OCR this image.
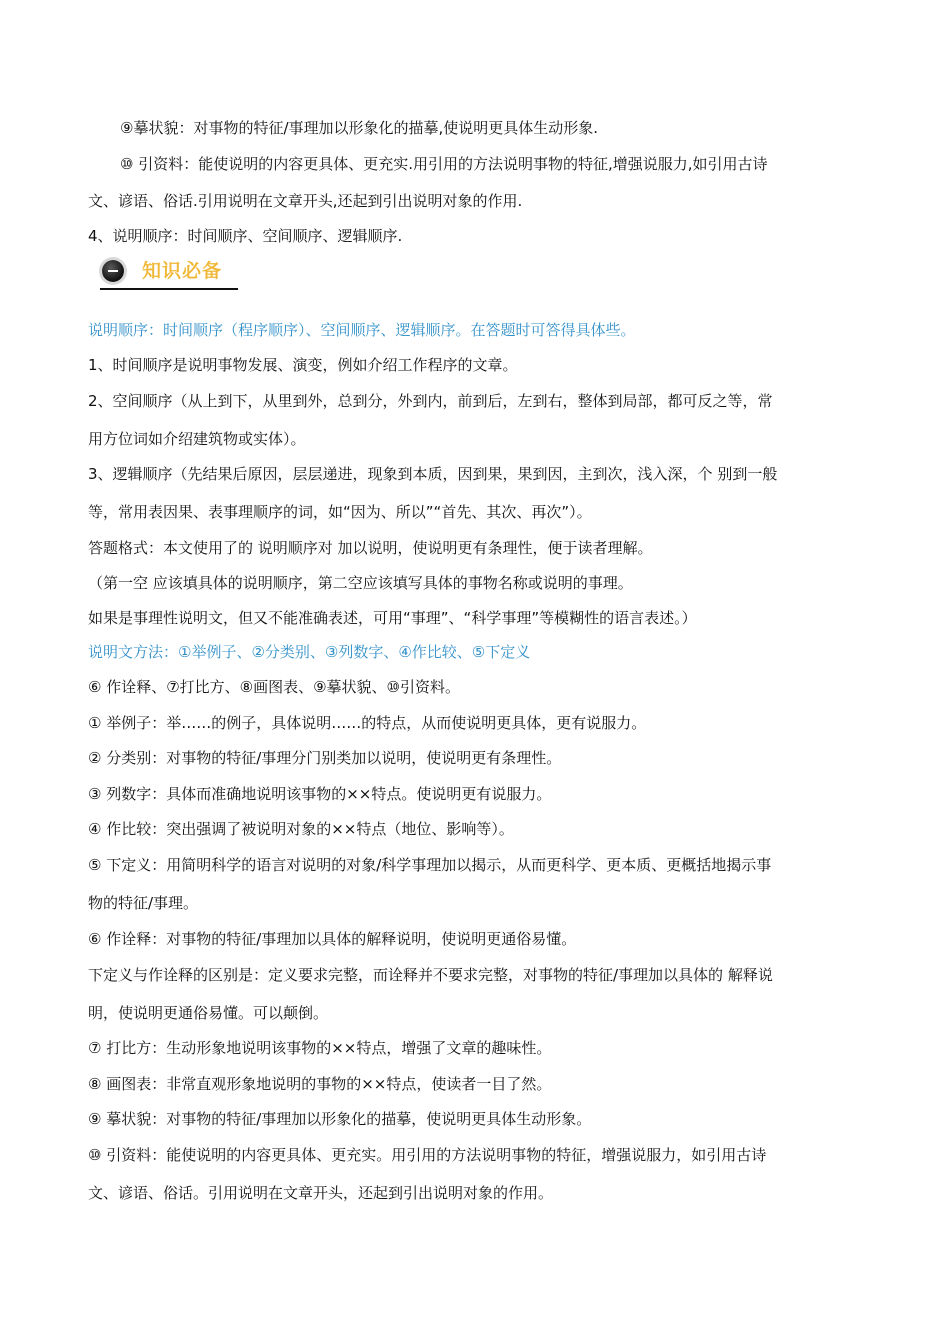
⑨摹状貌：对事物的特征/事理加以形象化的描摹,使说明更具体生动形象.
⑩ 引资料：能使说明的内容更具体、更充实.用引用的方法说明事物的特征,增强说服力,如引用古诗
文、谚语、俗话.引用说明在文章开头,还起到引出说明对象的作用.
4、说明顺序：时间顺序、空间顺序、逻辑顺序.
知识必备
说明顺序：时间顺序（程序顺序）、空间顺序、逻辑顺序。在答题时可答得具体些。
1、时间顺序是说明事物发展、演变，例如介绍工作程序的文章。
2、空间顺序（从上到下，从里到外，总到分，外到内，前到后，左到右，整体到局部，都可反之等，常
用方位词如介绍建筑物或实体）。
3、逻辑顺序（先结果后原因，层层递进，现象到本质，因到果，果到因，主到次，浅入深，个 别到一般
等，常用表因果、表事理顺序的词，如“因为、所以”“首先、其次、再次”）。
答题格式：本文使用了的 说明顺序对 加以说明，使说明更有条理性，便于读者理解。
（第一空 应该填具体的说明顺序，第二空应该填写具体的事物名称或说明的事理。
如果是事理性说明文，但又不能准确表述，可用“事理”、“科学事理”等模糊性的语言表述。）
说明文方法：①举例子、②分类别、③列数字、④作比较、⑤下定义
⑥ 作诠释、⑦打比方、⑧画图表、⑨摹状貌、⑩引资料。
① 举例子：举……的例子，具体说明……的特点，从而使说明更具体，更有说服力。
② 分类别：对事物的特征/事理分门别类加以说明，使说明更有条理性。
③ 列数字：具体而准确地说明该事物的××特点。使说明更有说服力。
④ 作比较：突出强调了被说明对象的××特点（地位、影响等）。
⑤ 下定义：用简明科学的语言对说明的对象/科学事理加以揭示，从而更科学、更本质、更概括地揭示事
物的特征/事理。
⑥ 作诠释：对事物的特征/事理加以具体的解释说明，使说明更通俗易懂。
下定义与作诠释的区别是：定义要求完整，而诠释并不要求完整，对事物的特征/事理加以具体的 解释说
明，使说明更通俗易懂。可以颠倒。
⑦ 打比方：生动形象地说明该事物的××特点，增强了文章的趣味性。
⑧ 画图表：非常直观形象地说明的事物的××特点，使读者一目了然。
⑨ 摹状貌：对事物的特征/事理加以形象化的描摹，使说明更具体生动形象。
⑩ 引资料：能使说明的内容更具体、更充实。用引用的方法说明事物的特征，增强说服力，如引用古诗
文、谚语、俗话。引用说明在文章开头，还起到引出说明对象的作用。
